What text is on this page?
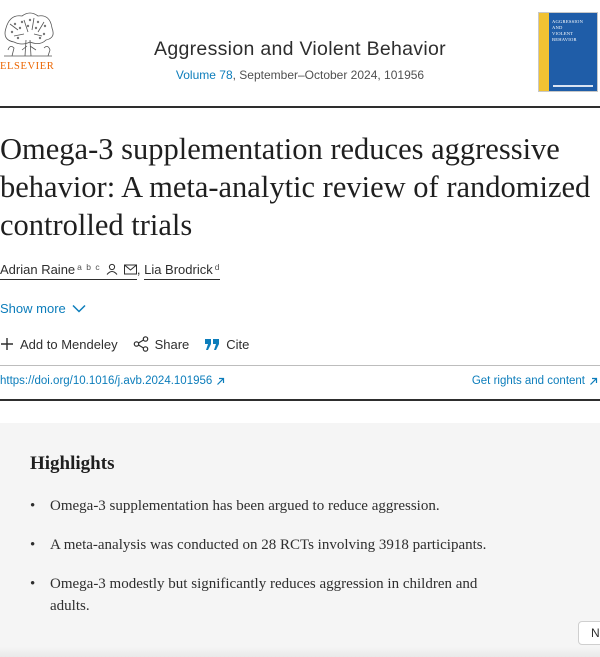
ELSEVIER
Aggression and Violent Behavior
Volume 78, September–October 2024, 101956
AGGRESSION
AND
VIOLENT
BEHAVIOR
Omega-3 supplementation reduces aggressive behavior: A meta-analytic review of randomized controlled trials
Adrian Raine $^{a b c}$	, Lia Brodrick $^d$
Show more
Add to Mendeley	Share	Cite
https://doi.org/10.1016/j.avb.2024.101956	Get rights and content
Highlights
• Omega-3 supplementation has been argued to reduce aggression.
• A meta-analysis was conducted on 28 RCTs involving 3918 participants.
• Omega-3 modestly but significantly reduces aggression in children and adults.
N
